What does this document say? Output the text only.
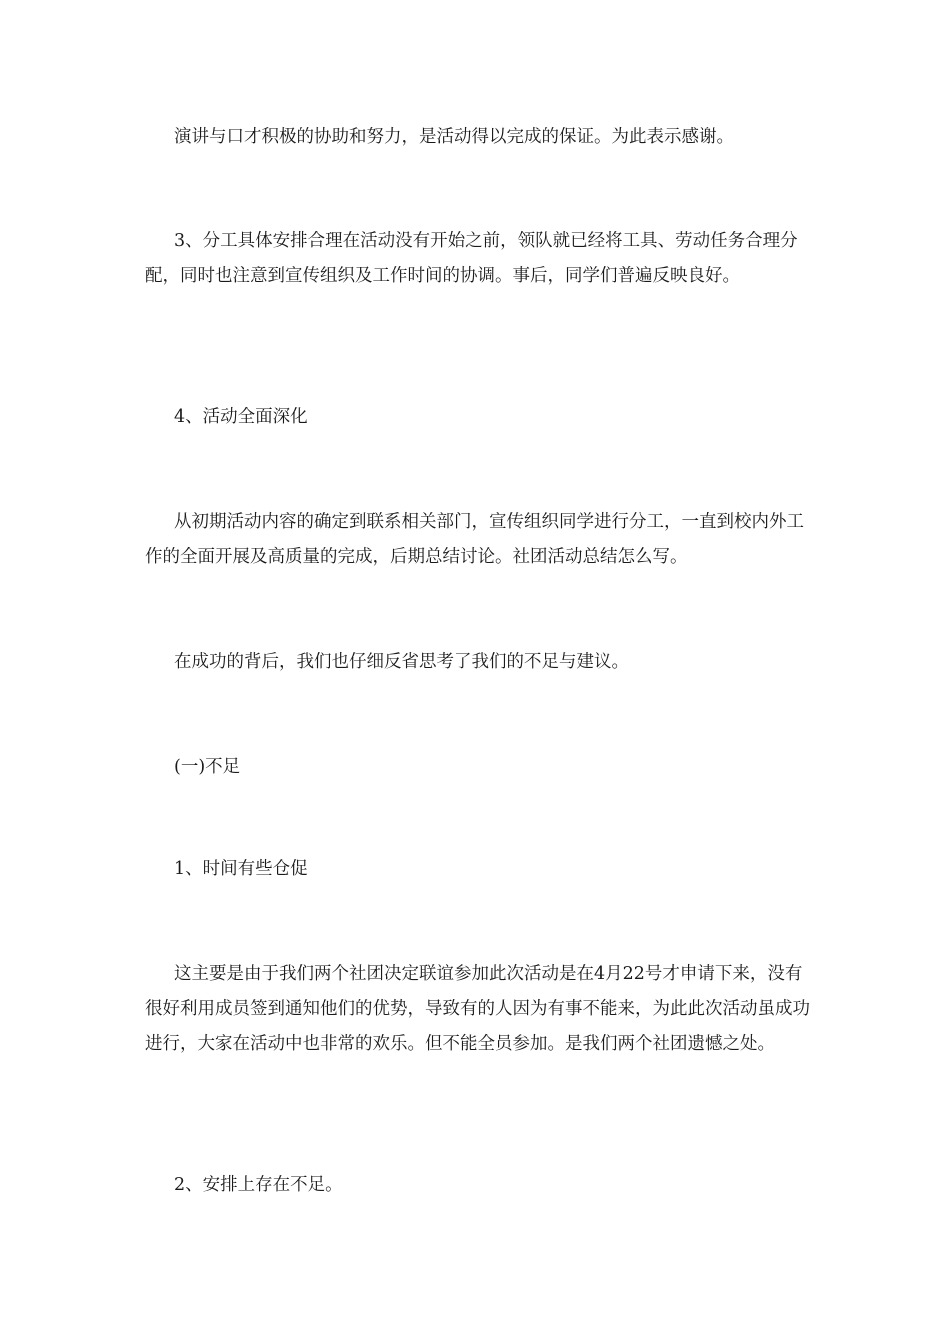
演讲与口才积极的协助和努力，是活动得以完成的保证。为此表示感谢。

3、分工具体安排合理在活动没有开始之前，领队就已经将工具、劳动任务合理分配，同时也注意到宣传组织及工作时间的协调。事后，同学们普遍反映良好。

4、活动全面深化

从初期活动内容的确定到联系相关部门，宣传组织同学进行分工，一直到校内外工作的全面开展及高质量的完成，后期总结讨论。社团活动总结怎么写。

在成功的背后，我们也仔细反省思考了我们的不足与建议。

(一)不足

1、时间有些仓促

这主要是由于我们两个社团决定联谊参加此次活动是在4月22号才申请下来，没有很好利用成员签到通知他们的优势，导致有的人因为有事不能来，为此此次活动虽成功进行，大家在活动中也非常的欢乐。但不能全员参加。是我们两个社团遗憾之处。

2、安排上存在不足。
